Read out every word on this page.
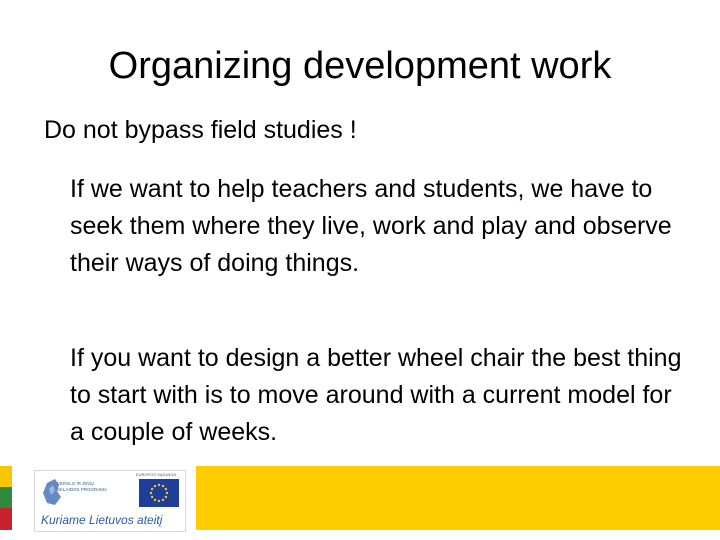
Organizing development work
Do not bypass field studies !
If we want to help teachers and students, we have to seek them where they live, work and play and observe their ways of doing things.
If you want to design a better wheel chair the best thing to start with is to move around with a current model for a couple of weeks.
VERSLO IR ŽINIŲ SKLAIDOS PROGRAMA
EUROPOS SĄJUNGA
Kuriame Lietuvos ateitį
